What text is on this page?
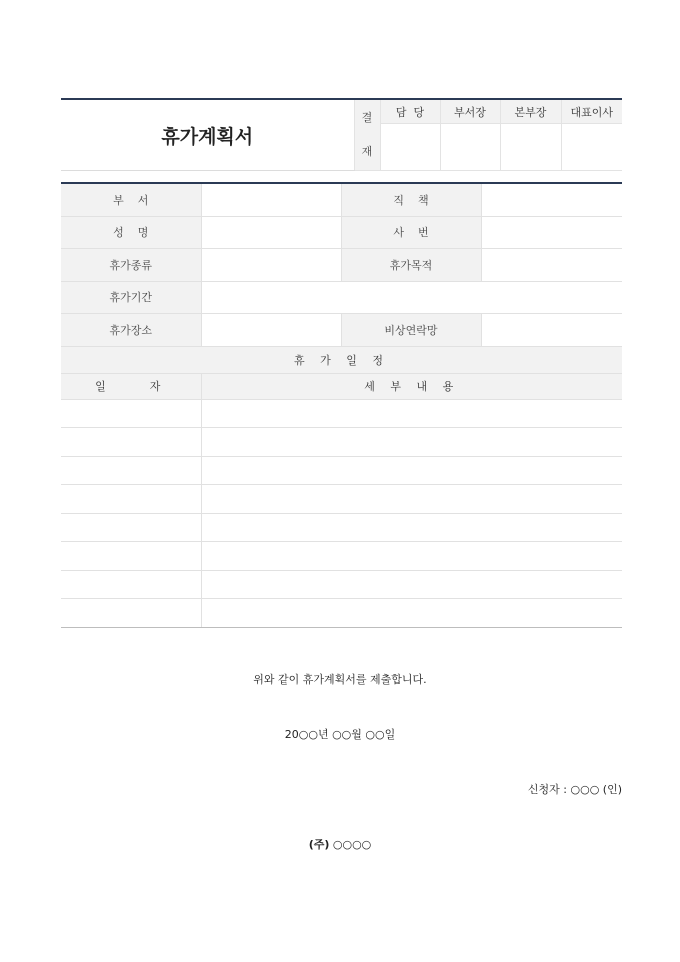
휴가계획서	결
재	담  당	부서장	본부장	대표이사

부    서		직    책	
성    명		사    번	
휴가종류		휴가목적	
휴가기간			
휴가장소		비상연락망	
휴 가 일 정			
일    자	세 부 내 용		

위와 같이 휴가계획서를 제출합니다.
20○○년 ○○월 ○○일
신청자 : ○○○ (인)
(주) ○○○○
